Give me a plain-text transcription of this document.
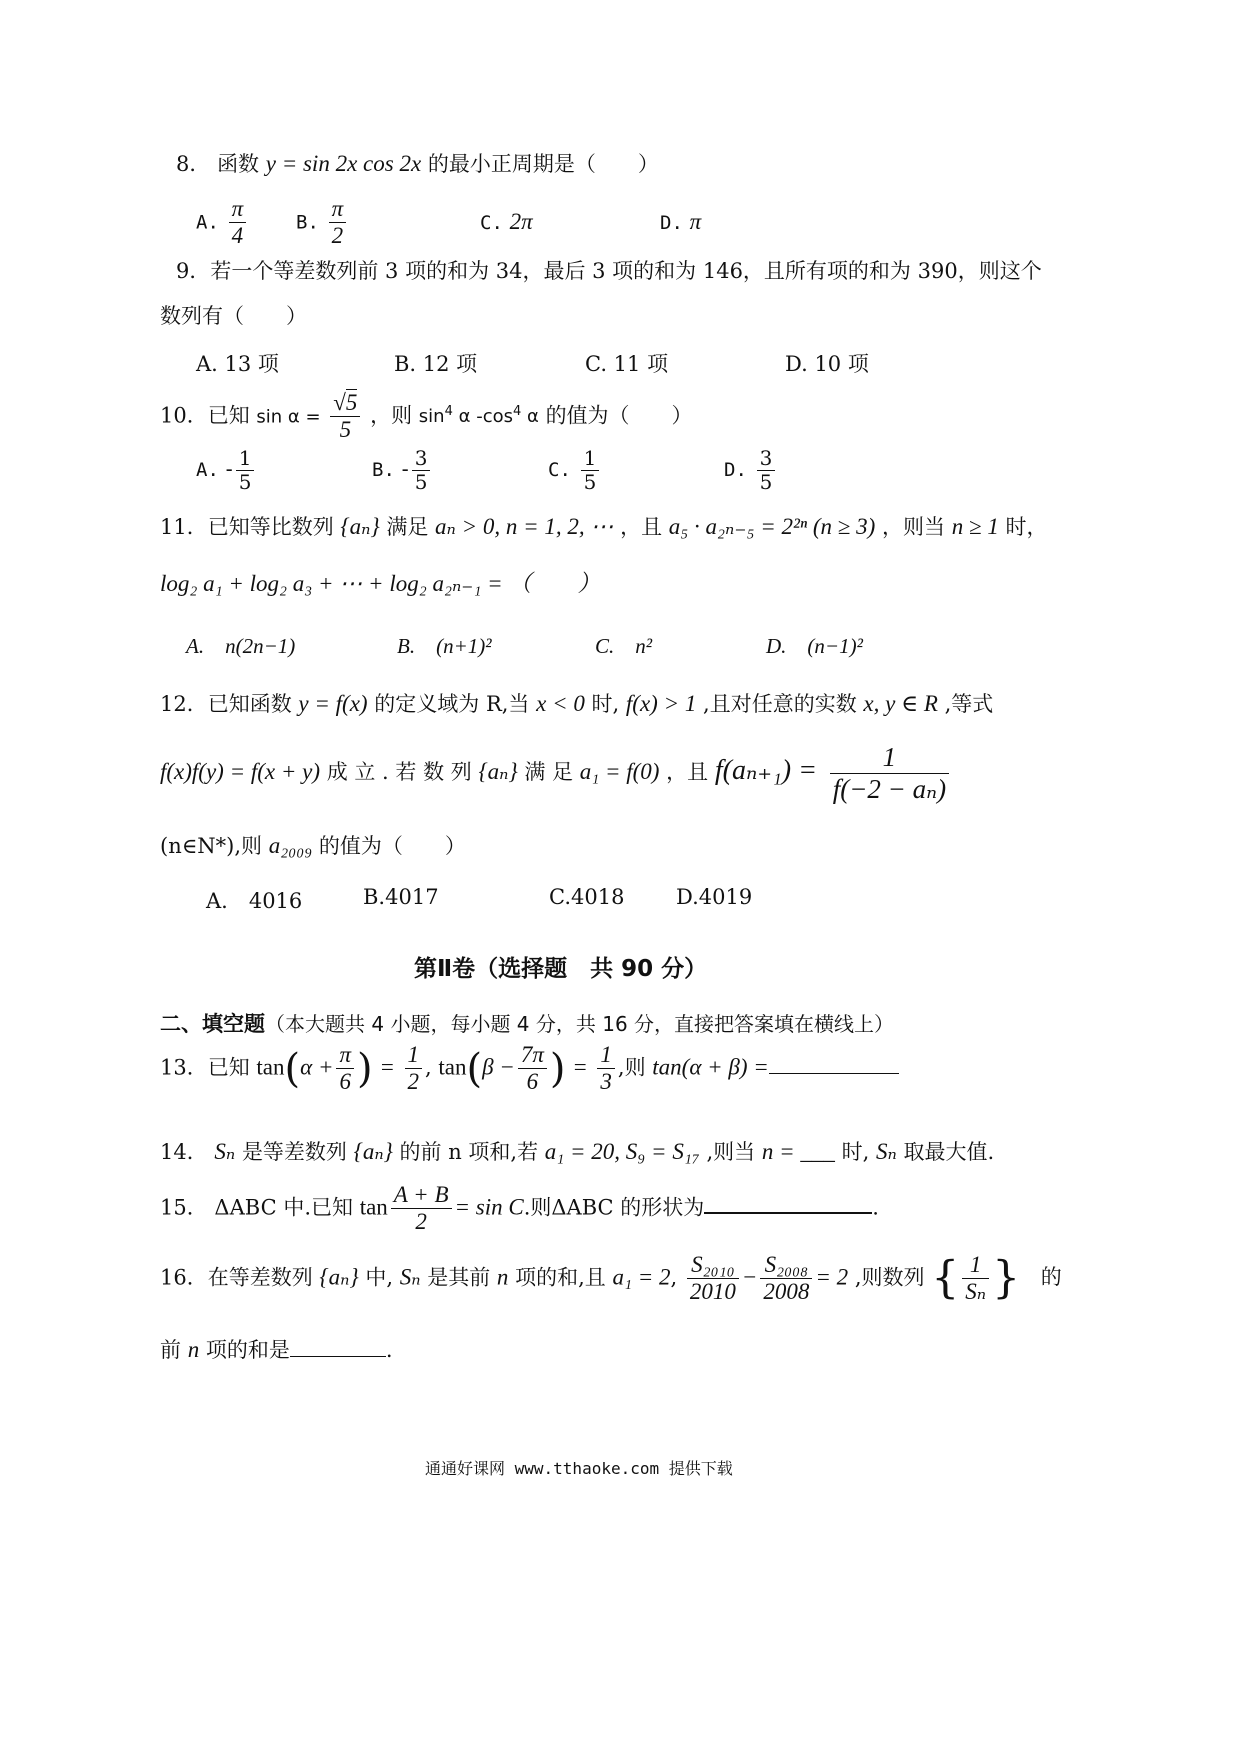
8． 函数 y = sin 2x cos 2x 的最小正周期是（　　）
A. $\frac{\pi}{4}$	B. $\frac{\pi}{2}$	C. 2π	D. π
9．若一个等差数列前 3 项的和为 34，最后 3 项的和为 146，且所有项的和为 390，则这个
数列有（　　）
A. 13 项	B. 12 项	C. 11 项	D. 10 项
10．已知 $\sin \alpha = \frac{√5}{5}$ ，则 $\sin^4 \alpha$ $-\cos^4$ α 的值为（　　）
A. - $\frac{1}{5}$	B. - $\frac{3}{5}$	C. $\frac{1}{5}$	D. $\frac{3}{5}$
11．已知等比数列 {aₙ} 满足 aₙ > 0, n = 1, 2, ⋯ ，且 a₅ · a₂ₙ₋₅ = 2²ⁿ (n ≥ 3) ，则当 n ≥ 1 时，
log₂ a₁ + log₂ a₃ + ⋯ + log₂ a₂ₙ₋₁ = （　　）
A.　n(2n−1)	B.　(n+1)²	C.　n²	D.　(n−1)²
12．已知函数 y = f(x) 的定义域为 R,当 x < 0 时, f(x) > 1 ,且对任意的实数 x, y ∈ R ,等式
f(x)f(y) = f(x + y) 成 立 . 若 数 列 {aₙ} 满 足 a₁ = f(0) ，且 $f(a_{n+1}) = \frac{1}{\text{f(−2 − aₙ)}}$
(n∈N*),则 a₂₀₀₉ 的值为（　　）
A.　4016	B.4017	C.4018 D.4019
第Ⅱ卷（选择题　共 90 分）
二、填空题（本大题共 4 小题，每小题 4 分，共 16 分，直接把答案填在横线上）
13．已知 $\tan(\alpha + \frac{\pi}{6}$ ) = $\frac{1}{2}$ , $\tan(\beta - \frac{7\pi}{6}$ ) = $\frac{1}{3}$ ,则 tan(α + β) =
14． Sₙ 是等差数列 {aₙ} 的前 n 项和,若 a₁ = 20, S₉ = S₁₇ ,则当 n = ___ 时, Sₙ 取最大值.
15． ΔABC 中.已知 $\tan \frac{A + B}{2} = \sin C$.则ΔABC 的形状为	.
16．在等差数列 {aₙ} 中, Sₙ 是其前 n 项的和,且 a₁ = 2, $\frac{\text{S₂₀₁₀}}{2010} - \frac{\text{S₂₀₀₈}}{2008} = 2$ ,则数列 { $\frac{1}{\text{Sₙ}}$ } 的
前 n 项的和是	.
通通好课网 www.tthaoke.com 提供下载
